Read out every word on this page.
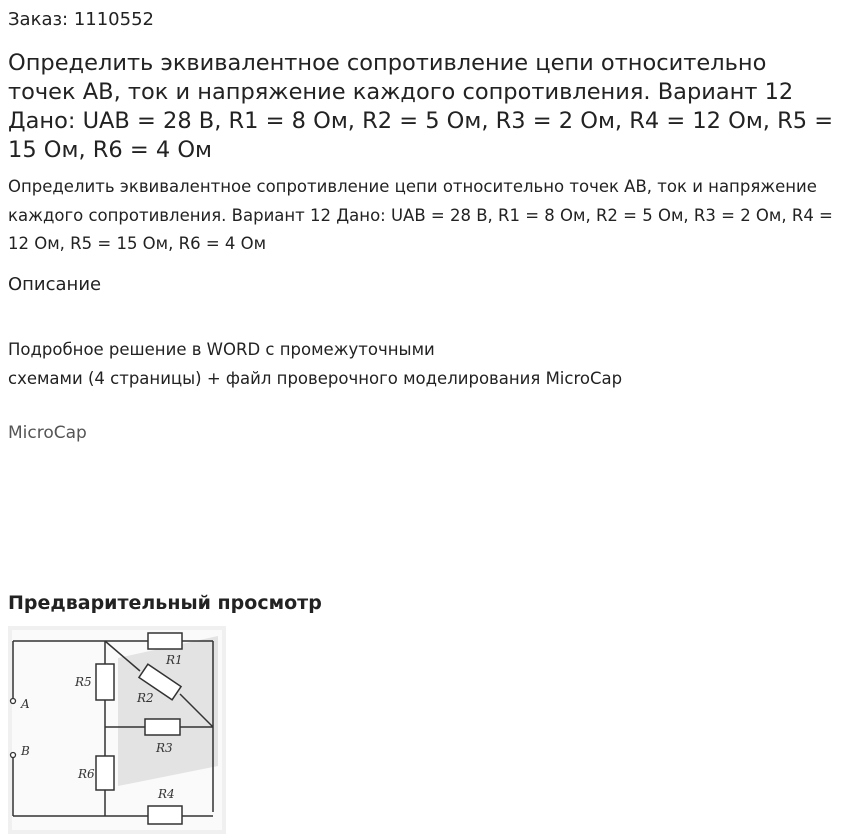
Заказ: 1110552
Определить эквивалентное сопротивление цепи относительно точек АВ, ток и напряжение каждого сопротивления. Вариант 12 Дано: UAB = 28 В, R1 = 8 Ом, R2 = 5 Ом, R3 = 2 Ом, R4 = 12 Ом, R5 = 15 Ом, R6 = 4 Ом

Определить эквивалентное сопротивление цепи относительно точек АВ, ток и напряжение каждого сопротивления. Вариант 12 Дано: UAB = 28 В, R1 = 8 Ом, R2 = 5 Ом, R3 = 2 Ом, R4 = 12 Ом, R5 = 15 Ом, R6 = 4 Ом

Описание

Подробное решение в WORD с промежуточными
схемами (4 страницы) + файл проверочного моделирования MicroCap

MicroCap
Предварительный просмотр
A
B
R1
R2
R3
R4
R5
R6
